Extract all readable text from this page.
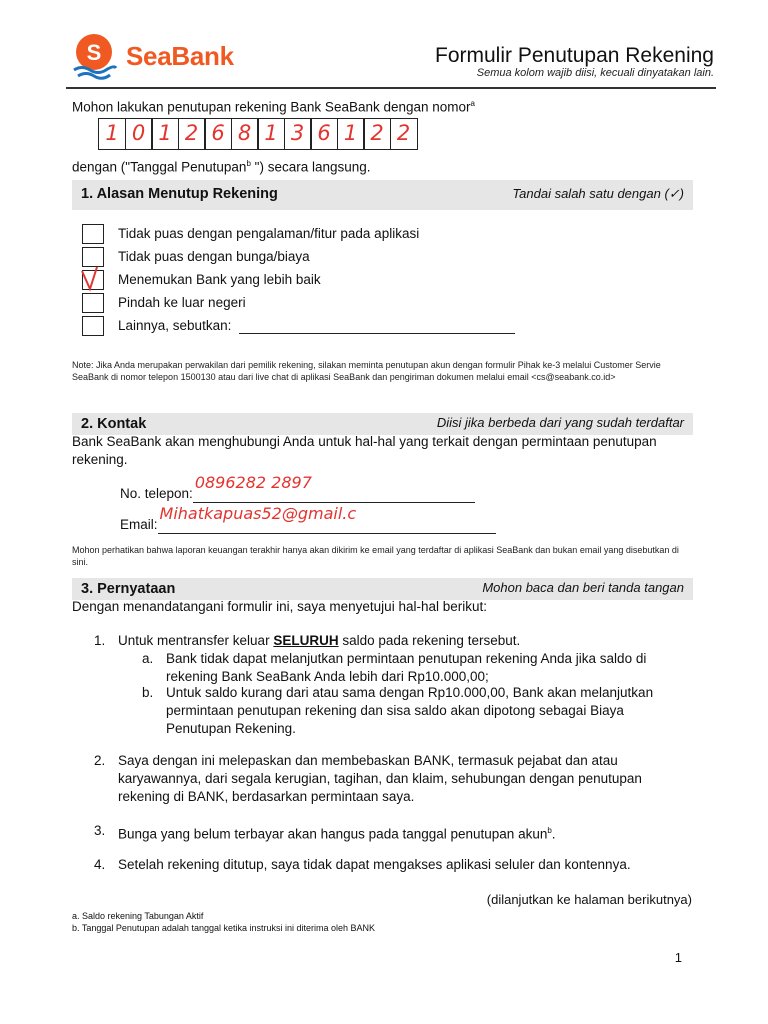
S SeaBank	Formulir Penutupan Rekening
Semua kolom wajib diisi, kecuali dinyatakan lain.
Mohon lakukan penutupan rekening Bank SeaBank dengan nomor$^a$
1 0 1 2 6 8 1 3 6 1 2 2
dengan ("Tanggal Penutupan$^b$ ") secara langsung.
1. Alasan Menutup Rekening	Tandai salah satu dengan (✓)
Tidak puas dengan pengalaman/fitur pada aplikasi
Tidak puas dengan bunga/biaya
Menemukan Bank yang lebih baik
Pindah ke luar negeri
Lainnya, sebutkan:
Note: Jika Anda merupakan perwakilan dari pemilik rekening, silakan meminta penutupan akun dengan formulir Pihak ke-3 melalui Customer Servie SeaBank di nomor telepon 1500130 atau dari live chat di aplikasi SeaBank dan pengiriman dokumen melalui email <cs@seabank.co.id>
2. Kontak	Diisi jika berbeda dari yang sudah terdaftar
Bank SeaBank akan menghubungi Anda untuk hal-hal yang terkait dengan permintaan penutupan rekening.
No. telepon:
0896282 2897
Email:
Mihatkapuas52@gmail.c
Mohon perhatikan bahwa laporan keuangan terakhir hanya akan dikirim ke email yang terdaftar di aplikasi SeaBank dan bukan email yang disebutkan di sini.
3. Pernyataan	Mohon baca dan beri tanda tangan
Dengan menandatangani formulir ini, saya menyetujui hal-hal berikut:
1. Untuk mentransfer keluar SELURUH saldo pada rekening tersebut.
a. Bank tidak dapat melanjutkan permintaan penutupan rekening Anda jika saldo di rekening Bank SeaBank Anda lebih dari Rp10.000,00;
b. Untuk saldo kurang dari atau sama dengan Rp10.000,00, Bank akan melanjutkan permintaan penutupan rekening dan sisa saldo akan dipotong sebagai Biaya Penutupan Rekening.
2. Saya dengan ini melepaskan dan membebaskan BANK, termasuk pejabat dan atau karyawannya, dari segala kerugian, tagihan, dan klaim, sehubungan dengan penutupan rekening di BANK, berdasarkan permintaan saya.
3. Bunga yang belum terbayar akan hangus pada tanggal penutupan akun$^b$.
4. Setelah rekening ditutup, saya tidak dapat mengakses aplikasi seluler dan kontennya.
(dilanjutkan ke halaman berikutnya)
a. Saldo rekening Tabungan Aktif
b. Tanggal Penutupan adalah tanggal ketika instruksi ini diterima oleh BANK
1
